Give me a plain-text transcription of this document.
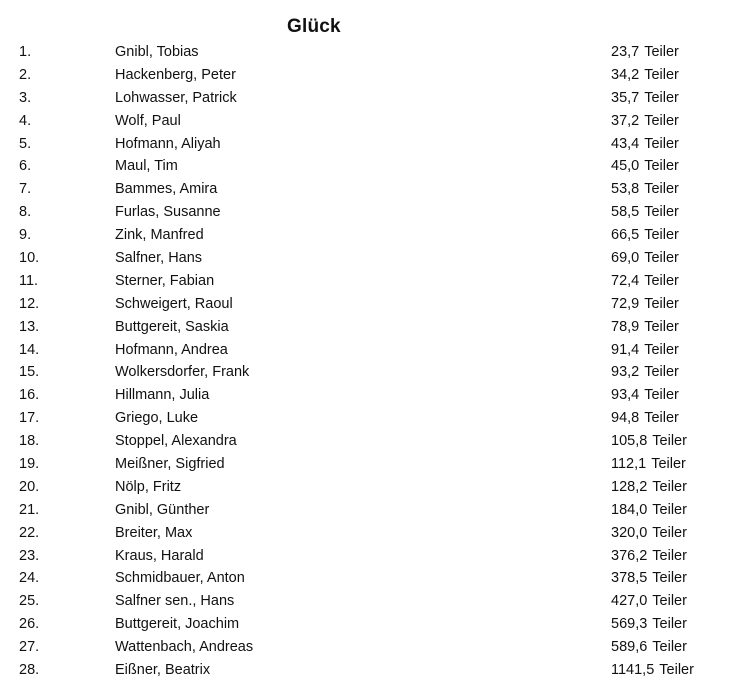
Glück
1.	Gnibl, Tobias	23,7 Teiler
2.	Hackenberg, Peter	34,2 Teiler
3.	Lohwasser, Patrick	35,7 Teiler
4.	Wolf, Paul	37,2 Teiler
5.	Hofmann, Aliyah	43,4 Teiler
6.	Maul, Tim	45,0 Teiler
7.	Bammes, Amira	53,8 Teiler
8.	Furlas, Susanne	58,5 Teiler
9.	Zink, Manfred	66,5 Teiler
10.	Salfner, Hans	69,0 Teiler
11.	Sterner, Fabian	72,4 Teiler
12.	Schweigert, Raoul	72,9 Teiler
13.	Buttgereit, Saskia	78,9 Teiler
14.	Hofmann, Andrea	91,4 Teiler
15.	Wolkersdorfer, Frank	93,2 Teiler
16.	Hillmann, Julia	93,4 Teiler
17.	Griego, Luke	94,8 Teiler
18.	Stoppel, Alexandra	105,8 Teiler
19.	Meißner, Sigfried	112,1 Teiler
20.	Nölp, Fritz	128,2 Teiler
21.	Gnibl, Günther	184,0 Teiler
22.	Breiter, Max	320,0 Teiler
23.	Kraus, Harald	376,2 Teiler
24.	Schmidbauer, Anton	378,5 Teiler
25.	Salfner sen., Hans	427,0 Teiler
26.	Buttgereit, Joachim	569,3 Teiler
27.	Wattenbach, Andreas	589,6 Teiler
28.	Eißner, Beatrix	1141,5 Teiler
